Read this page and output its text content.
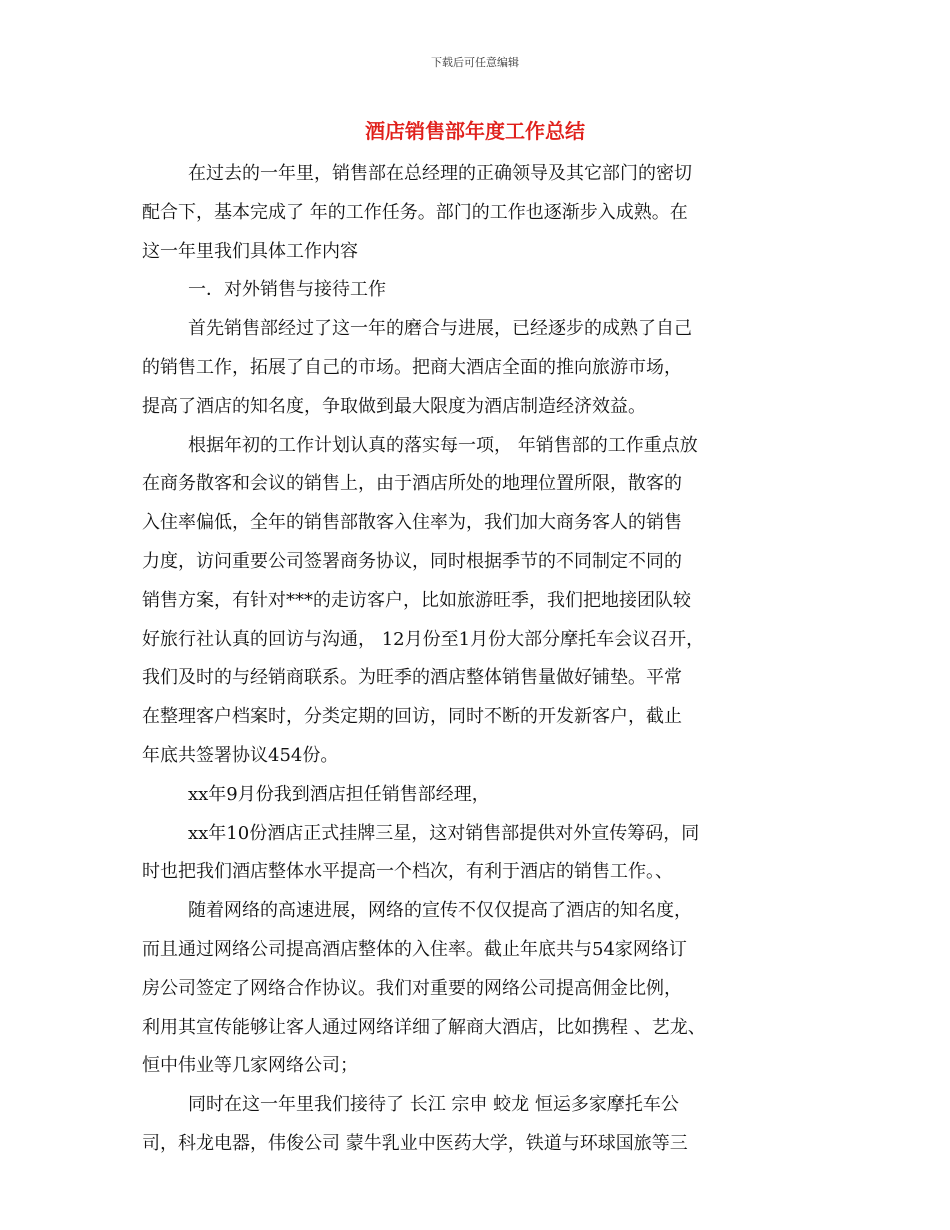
下载后可任意编辑
酒店销售部年度工作总结
在过去的一年里，销售部在总经理的正确领导及其它部门的密切
配合下，基本完成了 年的工作任务。部门的工作也逐渐步入成熟。在
这一年里我们具体工作内容
一．对外销售与接待工作
首先销售部经过了这一年的磨合与进展，已经逐步的成熟了自己
的销售工作，拓展了自己的市场。把商大酒店全面的推向旅游市场，
提高了酒店的知名度，争取做到最大限度为酒店制造经济效益。
根据年初的工作计划认真的落实每一项， 年销售部的工作重点放
在商务散客和会议的销售上，由于酒店所处的地理位置所限，散客的
入住率偏低，全年的销售部散客入住率为，我们加大商务客人的销售
力度，访问重要公司签署商务协议，同时根据季节的不同制定不同的
销售方案，有针对***的走访客户，比如旅游旺季，我们把地接团队较
好旅行社认真的回访与沟通， 12月份至1月份大部分摩托车会议召开，
我们及时的与经销商联系。为旺季的酒店整体销售量做好铺垫。平常
在整理客户档案时，分类定期的回访，同时不断的开发新客户，截止
年底共签署协议454份。
xx年9月份我到酒店担任销售部经理，
xx年10份酒店正式挂牌三星，这对销售部提供对外宣传筹码，同
时也把我们酒店整体水平提高一个档次，有利于酒店的销售工作。、
随着网络的高速进展，网络的宣传不仅仅提高了酒店的知名度，
而且通过网络公司提高酒店整体的入住率。截止年底共与54家网络订
房公司签定了网络合作协议。我们对重要的网络公司提高佣金比例，
利用其宣传能够让客人通过网络详细了解商大酒店，比如携程 、艺龙、
恒中伟业等几家网络公司；
同时在这一年里我们接待了 长江 宗申 蛟龙 恒运多家摩托车公
司，科龙电器，伟俊公司 蒙牛乳业中医药大学，铁道与环球国旅等三
